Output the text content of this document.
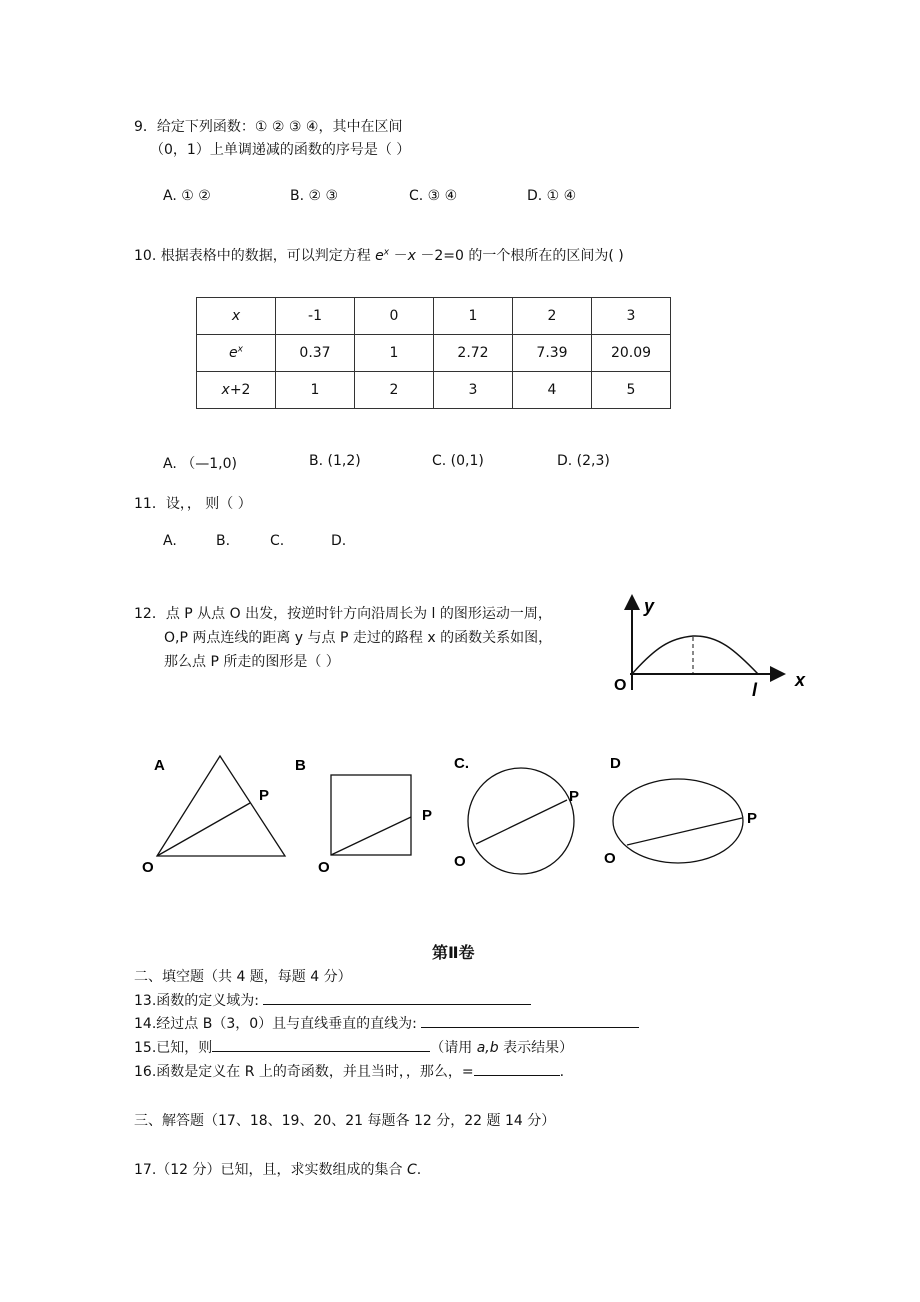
9．给定下列函数：① ② ③ ④，其中在区间
（0，1）上单调递减的函数的序号是（ ）
A. ① ②	B. ② ③	C. ③ ④	D. ① ④
10. 根据表格中的数据，可以判定方程 $e^x -x -2=0$ 的一个根所在的区间为( )
x	-1	0	1	2	3
$e^x$	0.37	1	2.72	7.39	20.09
x+2	1	2	3	4	5
A. （—1,0)	B. (1,2)	C. (0,1)	D. (2,3)
11．设，， 则（ ）
A.	B.	C.	D.
12．点 P 从点 O 出发，按逆时针方向沿周长为 l 的图形运动一周，
O,P 两点连线的距离 y 与点 P 走过的路程 x 的函数关系如图，
那么点 P 所走的图形是（ ）
y
x
O	l
A
P
O
B
P
O
C.
P
O
D
P
O
第Ⅱ卷
二、填空题（共 4 题，每题 4 分）
13.函数的定义域为:
14.经过点 B（3，0）且与直线垂直的直线为:
15.已知，则	（请用 a,b 表示结果）
16.函数是定义在 R 上的奇函数，并且当时，，那么，=	.
三、解答题（17、18、19、20、21 每题各 12 分，22 题 14 分）
17.（12 分）已知，且，求实数组成的集合 C.
